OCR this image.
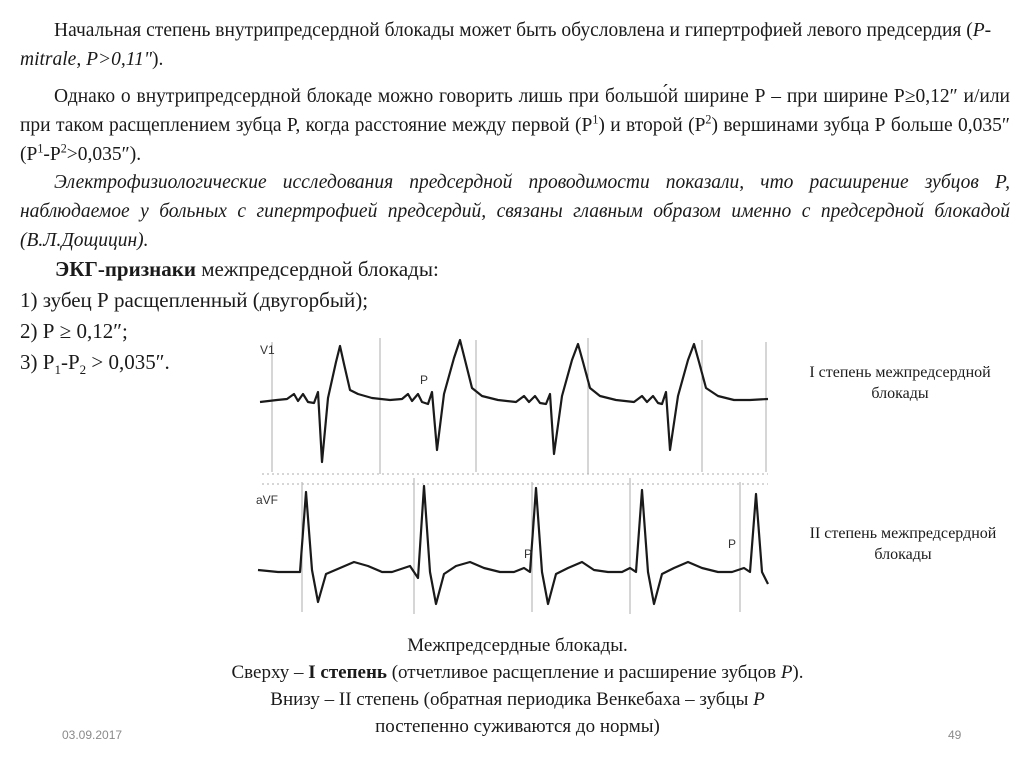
Начальная степень внутрипредсердной блокады может быть обусловлена и гипертрофией левого предсердия (P-mitrale, P>0,11").
Однако о внутрипредсердной блокаде можно говорить лишь при большо́й ширине Р – при ширине Р≥0,12″ и/или при таком расщеплением зубца Р, когда расстояние между первой $(Р^1)$ и второй $(Р^2)$ вершинами зубца Р больше 0,035″ $(Р^1-Р^2>0,035'')$.
Электрофизиологические исследования предсердной проводимости показали, что расширение зубцов Р, наблюдаемое у больных с гипертрофией предсердий, связаны главным образом именно с предсердной блокадой (В.Л.Дощицин).
ЭКГ-признаки межпредсердной блокады:
1) зубец Р расщепленный (двугорбый);
2) Р ≥ 0,12″;
3) $Р_1-Р_2 > 0,035''$.	V1
aVF
P
P
P
I степень межпредсердной блокады
II степень межпредсердной блокады
Межпредсердные блокады.
Сверху – I степень (отчетливое расщепление и расширение зубцов P).
Внизу – II степень (обратная периодика Венкебаха – зубцы P
постепенно суживаются до нормы)
03.09.2017	49
